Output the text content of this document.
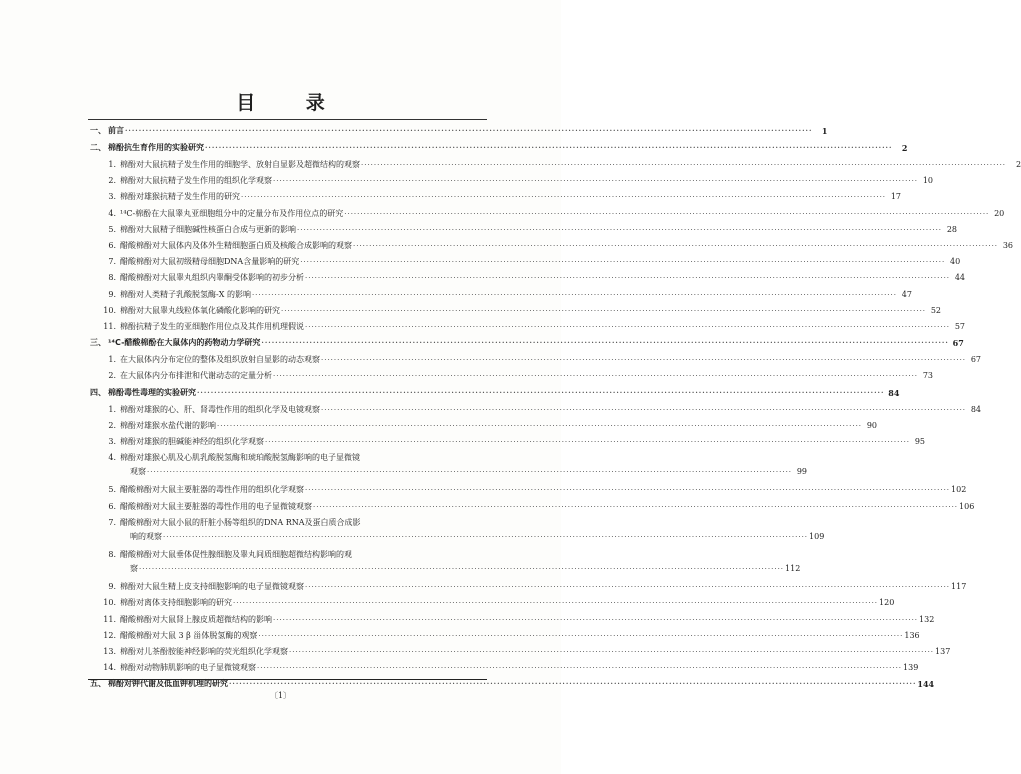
目 录
一、 前言 ········································································································································································································	1
二、 棉酚抗生育作用的实验研究 ········································································································································································································	2
1. 棉酚对大鼠抗精子发生作用的细胞学、放射自显影及超微结构的观察 ········································································································································································································	2
2. 棉酚对大鼠抗精子发生作用的组织化学观察 ········································································································································································································ 10
3. 棉酚对雄猴抗精子发生作用的研究 ········································································································································································································ 17
4. ¹⁴C-棉酚在大鼠睾丸亚细胞组分中的定量分布及作用位点的研究 ········································································································································································································ 20
5. 棉酚对大鼠精子细胞碱性核蛋白合成与更新的影响 ········································································································································································································ 28
6. 醋酸棉酚对大鼠体内及体外生精细胞蛋白质及核酸合成影响的观察 ········································································································································································································ 36
7. 醋酸棉酚对大鼠初级精母细胞DNA含量影响的研究 ········································································································································································································ 40
8. 醋酸棉酚对大鼠睾丸组织内睾酮受体影响的初步分析 ········································································································································································································ 44
9. 棉酚对人类精子乳酸脱氢酶-X 的影响 ········································································································································································································ 47
10. 棉酚对大鼠睾丸线粒体氧化磷酸化影响的研究 ········································································································································································································ 52
11. 棉酚抗精子发生的亚细胞作用位点及其作用机理假说 ········································································································································································································ 57
三、 ¹⁴C-醋酸棉酚在大鼠体内的药物动力学研究 ········································································································································································································ 67
1. 在大鼠体内分布定位的整体及组织放射自显影的动态观察 ········································································································································································································ 67
2. 在大鼠体内分布排泄和代谢动态的定量分析 ········································································································································································································ 73
四、 棉酚毒性毒理的实验研究 ········································································································································································································ 84
1. 棉酚对雄猴的心、肝、肾毒性作用的组织化学及电镜观察 ········································································································································································································ 84
2. 棉酚对雄猴水盐代谢的影响 ········································································································································································································ 90
3. 棉酚对雄猴的胆碱能神经的组织化学观察 ········································································································································································································ 95
4. 棉酚对雄猴心肌及心肌乳酸脱氢酶和琥珀酸脱氢酶影响的电子显微镜
观察 ········································································································································································································ 99
5. 醋酸棉酚对大鼠主要脏器的毒性作用的组织化学观察 ········································································································································································································ 102
6. 醋酸棉酚对大鼠主要脏器的毒性作用的电子显微镜观察 ········································································································································································································ 106
7. 醋酸棉酚对大鼠小鼠的肝脏小肠等组织的DNA RNA及蛋白质合成影
响的观察 ········································································································································································································ 109
8. 醋酸棉酚对大鼠垂体促性腺细胞及睾丸间质细胞超微结构影响的观
察 ········································································································································································································ 112
9. 棉酚对大鼠生精上皮支持细胞影响的电子显微镜观察 ········································································································································································································ 117
10. 棉酚对离体支持细胞影响的研究 ········································································································································································································ 120
11. 醋酸棉酚对大鼠肾上腺皮质超微结构的影响 ········································································································································································································ 132
12. 醋酸棉酚对大鼠 3 β 甾体脱氢酶的观察 ········································································································································································································ 136
13. 棉酚对儿茶酚胺能神经影响的荧光组织化学观察 ········································································································································································································ 137
14. 棉酚对动物肺肌影响的电子显微镜观察 ········································································································································································································ 139
五、 棉酚对钾代谢及低血钾机理的研究 ········································································································································································································ 144
〔1〕
